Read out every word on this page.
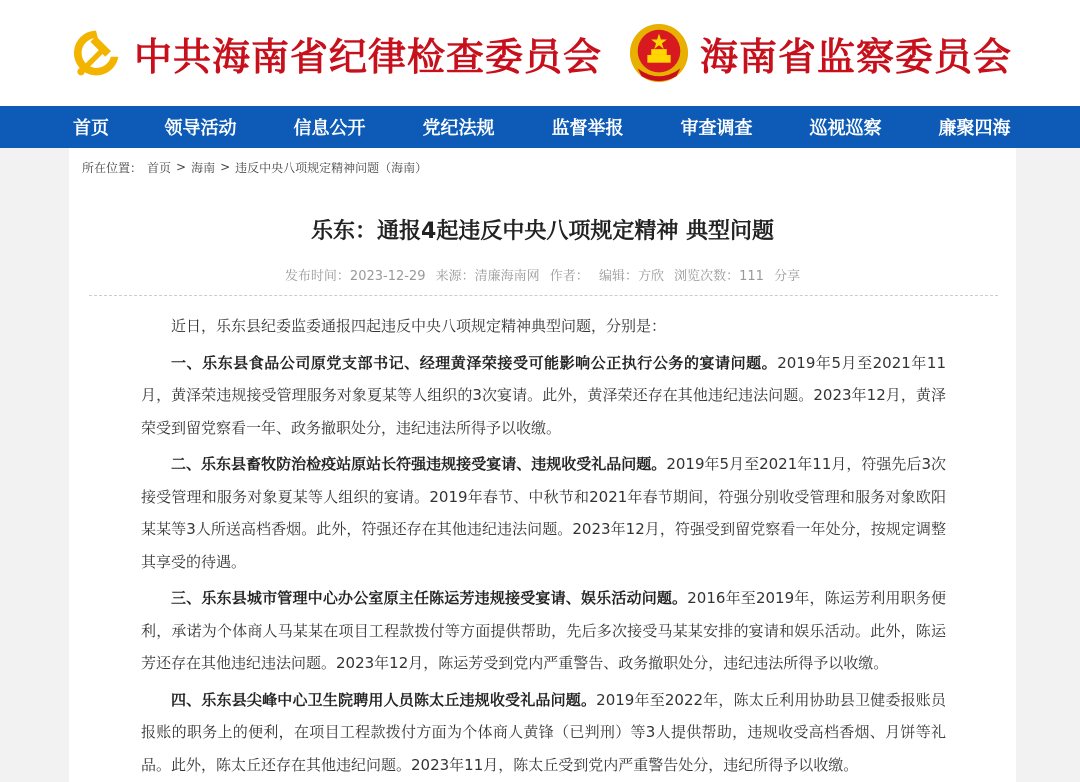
中共海南省纪律检查委员会	海南省监察委员会
首页	领导活动	信息公开	党纪法规	监督举报	审查调查	巡视巡察	廉聚四海
所在位置： 首页 > 海南 > 违反中央八项规定精神问题（海南）
乐东：通报4起违反中央八项规定精神 典型问题
发布时间：2023-12-29 来源：清廉海南网 作者： 编辑：方欣 浏览次数：111 分享

近日，乐东县纪委监委通报四起违反中央八项规定精神典型问题，分别是：

一、乐东县食品公司原党支部书记、经理黄泽荣接受可能影响公正执行公务的宴请问题。2019年5月至2021年11月，黄泽荣违规接受管理服务对象夏某等人组织的3次宴请。此外，黄泽荣还存在其他违纪违法问题。2023年12月，黄泽荣受到留党察看一年、政务撤职处分，违纪违法所得予以收缴。

二、乐东县畜牧防治检疫站原站长符强违规接受宴请、违规收受礼品问题。2019年5月至2021年11月，符强先后3次接受管理和服务对象夏某等人组织的宴请。2019年春节、中秋节和2021年春节期间，符强分别收受管理和服务对象欧阳某某等3人所送高档香烟。此外，符强还存在其他违纪违法问题。2023年12月，符强受到留党察看一年处分，按规定调整其享受的待遇。

三、乐东县城市管理中心办公室原主任陈运芳违规接受宴请、娱乐活动问题。2016年至2019年，陈运芳利用职务便利，承诺为个体商人马某某在项目工程款拨付等方面提供帮助，先后多次接受马某某安排的宴请和娱乐活动。此外，陈运芳还存在其他违纪违法问题。2023年12月，陈运芳受到党内严重警告、政务撤职处分，违纪违法所得予以收缴。

四、乐东县尖峰中心卫生院聘用人员陈太丘违规收受礼品问题。2019年至2022年，陈太丘利用协助县卫健委报账员报账的职务上的便利，在项目工程款拨付方面为个体商人黄锋（已判刑）等3人提供帮助，违规收受高档香烟、月饼等礼品。此外，陈太丘还存在其他违纪问题。2023年11月，陈太丘受到党内严重警告处分，违纪所得予以收缴。
